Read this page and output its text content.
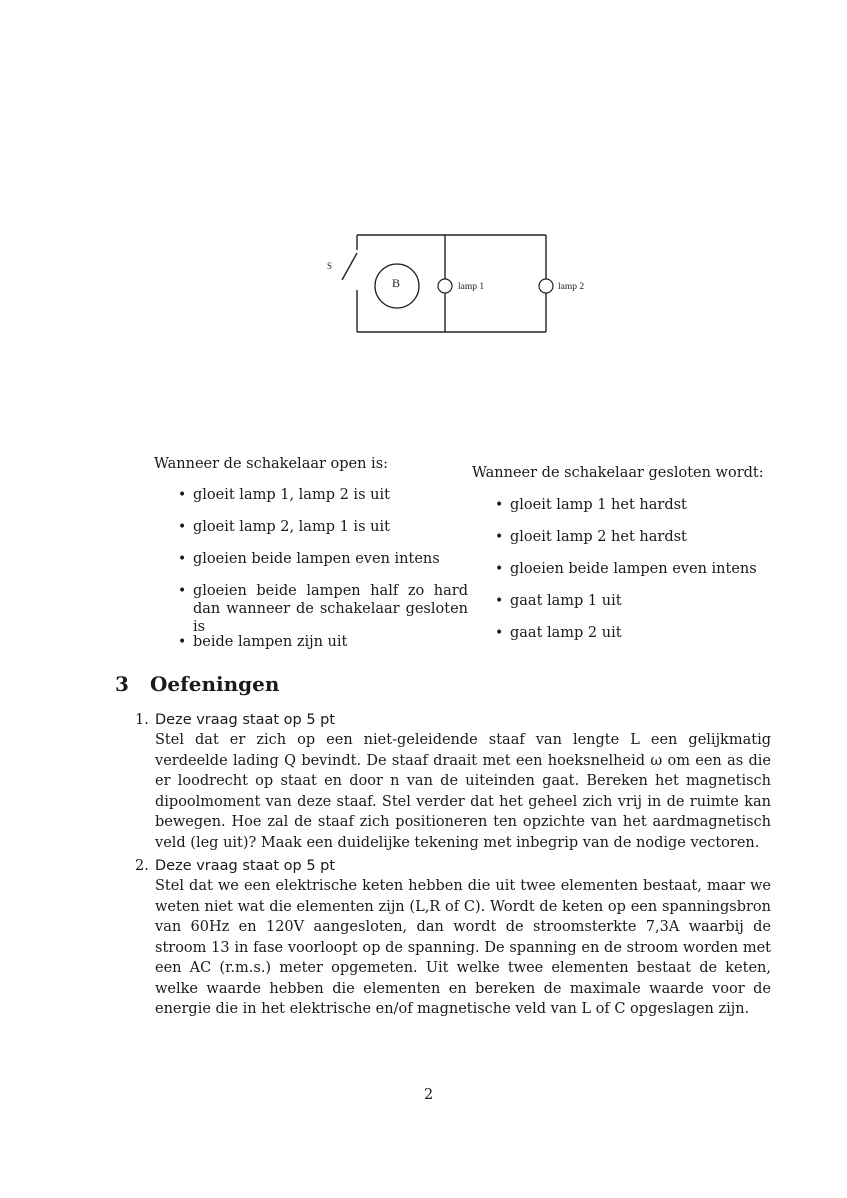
S
B	lamp 1	lamp 2
Wanneer de schakelaar open is:
• gloeit lamp 1, lamp 2 is uit
• gloeit lamp 2, lamp 1 is uit
• gloeien beide lampen even intens
• gloeien beide lampen half zo hard dan wanneer de schakelaar gesloten is
• beide lampen zijn uit
Wanneer de schakelaar gesloten wordt:
• gloeit lamp 1 het hardst
• gloeit lamp 2 het hardst
• gloeien beide lampen even intens
• gaat lamp 1 uit
• gaat lamp 2 uit
3 Oefeningen
1. Deze vraag staat op 5 pt
Stel dat er zich op een niet-geleidende staaf van lengte L een gelijkmatig verdeelde lading Q bevindt. De staaf draait met een hoeksnelheid ω om een as die er loodrecht op staat en door n van de uiteinden gaat. Bereken het magnetisch dipoolmoment van deze staaf. Stel verder dat het geheel zich vrij in de ruimte kan bewegen. Hoe zal de staaf zich positioneren ten opzichte van het aardmagnetisch veld (leg uit)? Maak een duidelijke tekening met inbegrip van de nodige vectoren.
2. Deze vraag staat op 5 pt
Stel dat we een elektrische keten hebben die uit twee elementen bestaat, maar we weten niet wat die elementen zijn (L,R of C). Wordt de keten op een spanningsbron van 60Hz en 120V aangesloten, dan wordt de stroomsterkte 7,3A waarbij de stroom 13 in fase voorloopt op de spanning. De spanning en de stroom worden met een AC (r.m.s.) meter opgemeten. Uit welke twee elementen bestaat de keten, welke waarde hebben die elementen en bereken de maximale waarde voor de energie die in het elektrische en/of magnetische veld van L of C opgeslagen zijn.
2
